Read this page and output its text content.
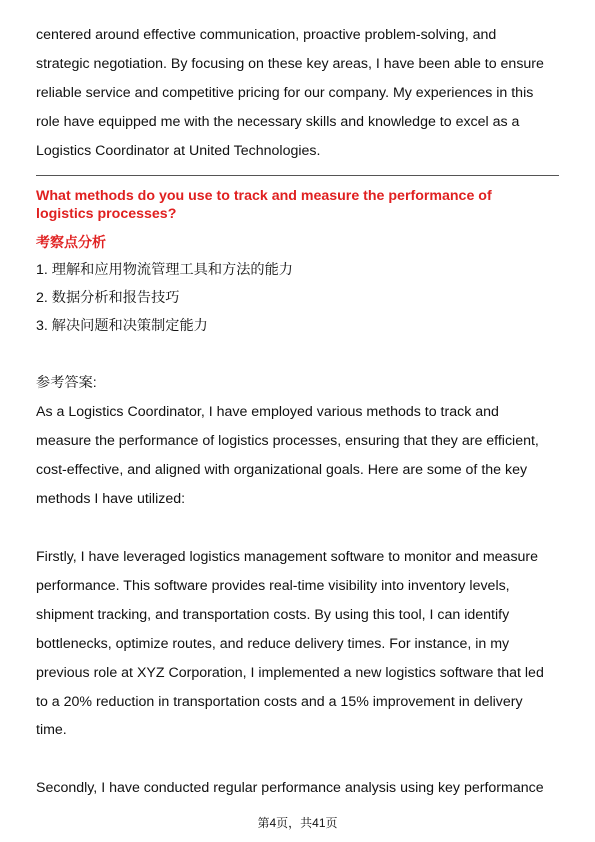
centered around effective communication, proactive problem-solving, and
strategic negotiation. By focusing on these key areas, I have been able to ensure
reliable service and competitive pricing for our company. My experiences in this
role have equipped me with the necessary skills and knowledge to excel as a
Logistics Coordinator at United Technologies.
What methods do you use to track and measure the performance of
logistics processes?
考察点分析
1. 理解和应用物流管理工具和方法的能力
2. 数据分析和报告技巧
3. 解决问题和决策制定能力
参考答案:
As a Logistics Coordinator, I have employed various methods to track and
measure the performance of logistics processes, ensuring that they are efficient,
cost-effective, and aligned with organizational goals. Here are some of the key
methods I have utilized:
Firstly, I have leveraged logistics management software to monitor and measure
performance. This software provides real-time visibility into inventory levels,
shipment tracking, and transportation costs. By using this tool, I can identify
bottlenecks, optimize routes, and reduce delivery times. For instance, in my
previous role at XYZ Corporation, I implemented a new logistics software that led
to a 20% reduction in transportation costs and a 15% improvement in delivery
time.
Secondly, I have conducted regular performance analysis using key performance
第4页，共41页
